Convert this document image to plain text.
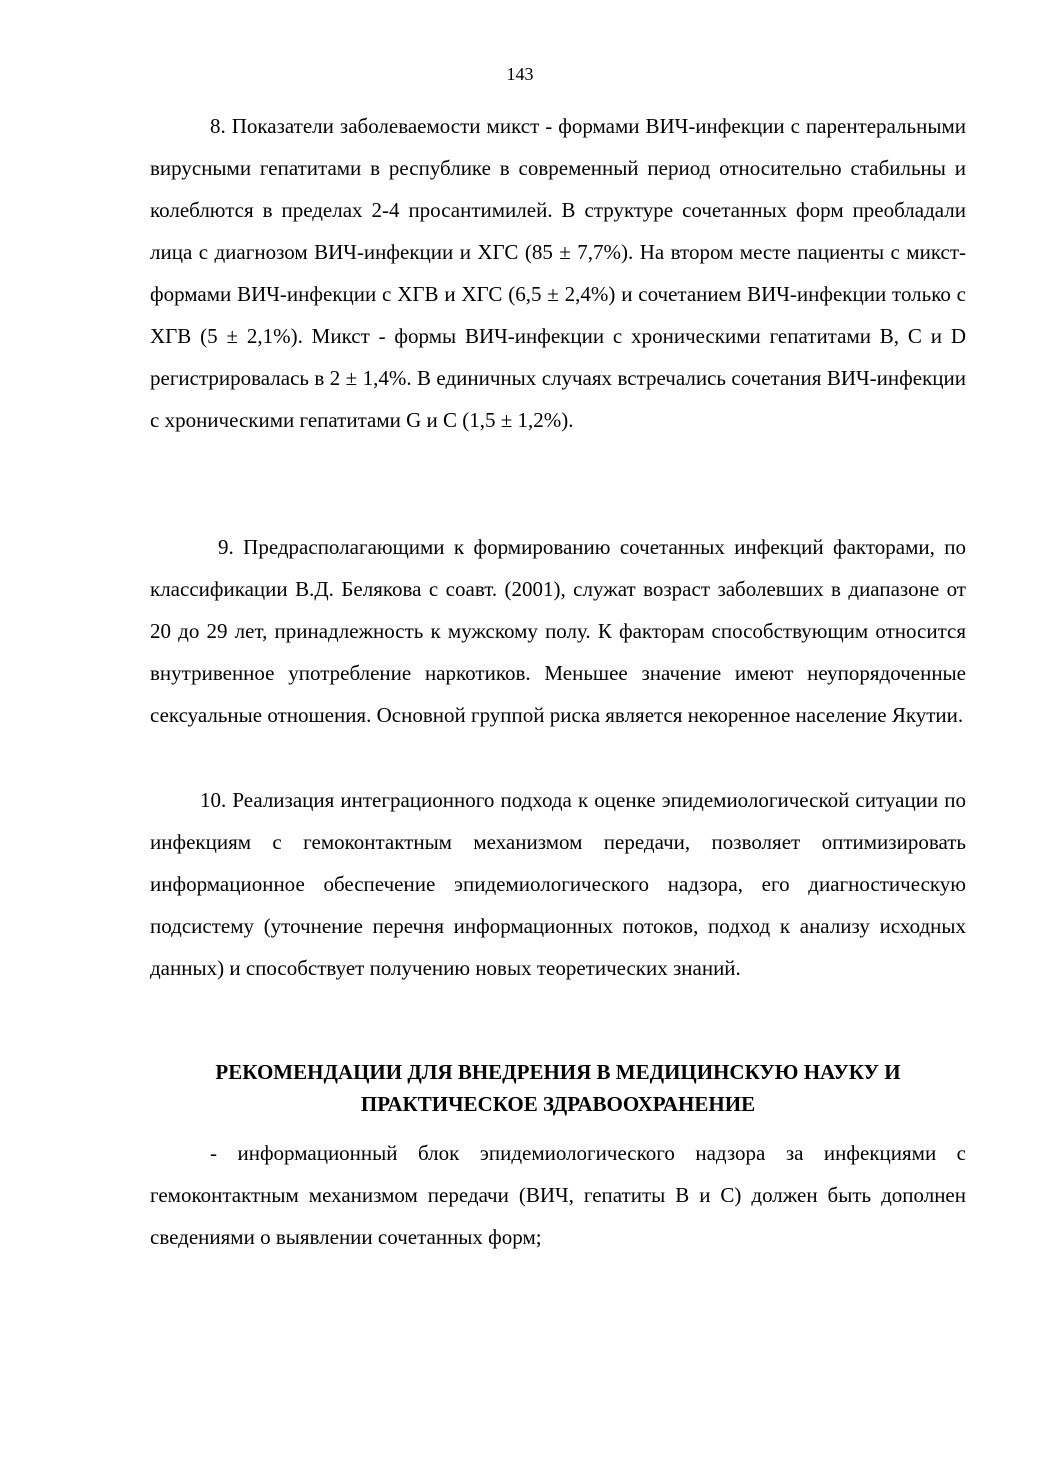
143

8. Показатели заболеваемости микст - формами ВИЧ-инфекции с парентеральными вирусными гепатитами в республике в современный период относительно стабильны и колеблются в пределах 2-4 просантимилей. В структуре сочетанных форм преобладали лица с диагнозом ВИЧ-инфекции и ХГС (85 ± 7,7%). На втором месте пациенты с микст-формами ВИЧ-инфекции с ХГВ и ХГС (6,5 ± 2,4%) и сочетанием ВИЧ-инфекции только с ХГВ (5 ± 2,1%). Микст - формы ВИЧ-инфекции с хроническими гепатитами В, С и D регистрировалась в 2 ± 1,4%. В единичных случаях встречались сочетания ВИЧ-инфекции с хроническими гепатитами G и С (1,5 ± 1,2%).

9. Предрасполагающими к формированию сочетанных инфекций факторами, по классификации В.Д. Белякова с соавт. (2001), служат возраст заболевших в диапазоне от 20 до 29 лет, принадлежность к мужскому полу. К факторам способствующим относится внутривенное употребление наркотиков. Меньшее значение имеют неупорядоченные сексуальные отношения. Основной группой риска является некоренное население Якутии.

10. Реализация интеграционного подхода к оценке эпидемиологической ситуации по инфекциям с гемоконтактным механизмом передачи, позволяет оптимизировать информационное обеспечение эпидемиологического надзора, его диагностическую подсистему (уточнение перечня информационных потоков, подход к анализу исходных данных) и способствует получению новых теоретических знаний.

РЕКОМЕНДАЦИИ ДЛЯ ВНЕДРЕНИЯ В МЕДИЦИНСКУЮ НАУКУ И
ПРАКТИЧЕСКОЕ ЗДРАВООХРАНЕНИЕ

- информационный блок эпидемиологического надзора за инфекциями с гемоконтактным механизмом передачи (ВИЧ, гепатиты В и С) должен быть дополнен сведениями о выявлении сочетанных форм;
